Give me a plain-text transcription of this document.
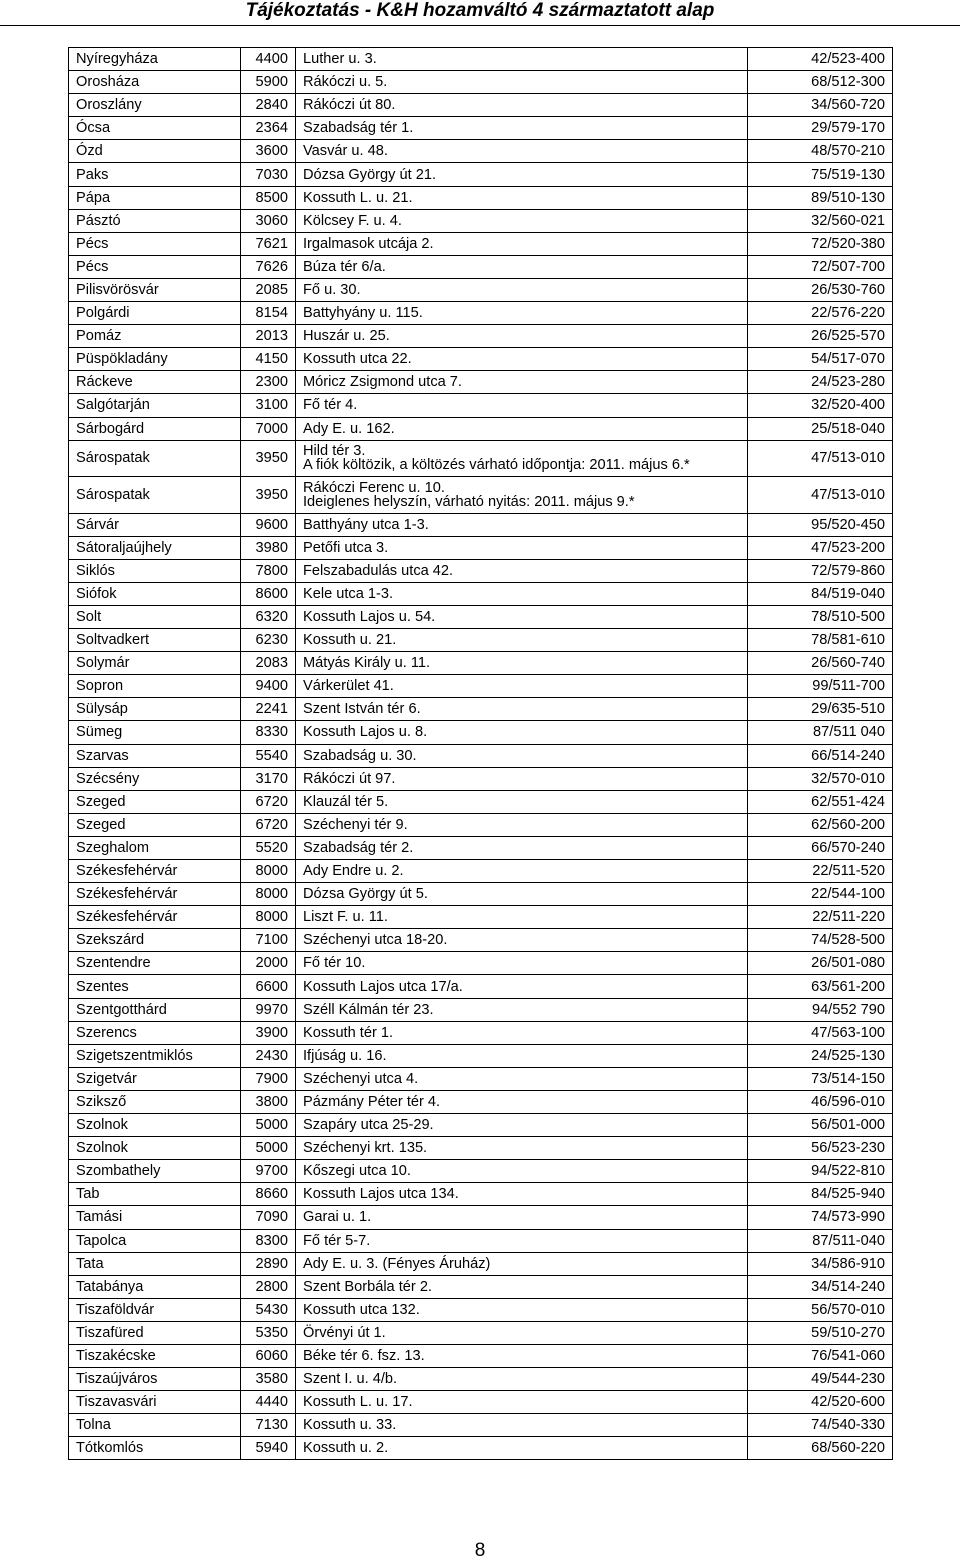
Tájékoztatás - K&H hozamváltó 4 származtatott alap
Nyíregyháza	4400	Luther u. 3.	42/523-400
Orosháza	5900	Rákóczi u. 5.	68/512-300
Oroszlány	2840	Rákóczi út 80.	34/560-720
Ócsa	2364	Szabadság tér 1.	29/579-170
Ózd	3600	Vasvár u. 48.	48/570-210
Paks	7030	Dózsa György út 21.	75/519-130
Pápa	8500	Kossuth L. u. 21.	89/510-130
Pásztó	3060	Kölcsey F. u. 4.	32/560-021
Pécs	7621	Irgalmasok utcája 2.	72/520-380
Pécs	7626	Búza tér 6/a.	72/507-700
Pilisvörösvár	2085	Fő u. 30.	26/530-760
Polgárdi	8154	Battyhyány u. 115.	22/576-220
Pomáz	2013	Huszár u. 25.	26/525-570
Püspökladány	4150	Kossuth utca 22.	54/517-070
Ráckeve	2300	Móricz Zsigmond utca 7.	24/523-280
Salgótarján	3100	Fő tér 4.	32/520-400
Sárbogárd	7000	Ady E. u. 162.	25/518-040
Sárospatak	3950	Hild tér 3.
A fiók költözik, a költözés várható időpontja: 2011. május 6.*	47/513-010
Sárospatak	3950	Rákóczi Ferenc u. 10.
Ideiglenes helyszín, várható nyitás: 2011. május 9.*	47/513-010
Sárvár	9600	Batthyány utca 1-3.	95/520-450
Sátoraljaújhely	3980	Petőfi utca 3.	47/523-200
Siklós	7800	Felszabadulás utca 42.	72/579-860
Siófok	8600	Kele utca 1-3.	84/519-040
Solt	6320	Kossuth Lajos u. 54.	78/510-500
Soltvadkert	6230	Kossuth u. 21.	78/581-610
Solymár	2083	Mátyás Király u. 11.	26/560-740
Sopron	9400	Várkerület 41.	99/511-700
Sülysáp	2241	Szent István tér 6.	29/635-510
Sümeg	8330	Kossuth Lajos u. 8.	87/511 040
Szarvas	5540	Szabadság u. 30.	66/514-240
Szécsény	3170	Rákóczi út 97.	32/570-010
Szeged	6720	Klauzál tér 5.	62/551-424
Szeged	6720	Széchenyi tér 9.	62/560-200
Szeghalom	5520	Szabadság tér 2.	66/570-240
Székesfehérvár	8000	Ady Endre u. 2.	22/511-520
Székesfehérvár	8000	Dózsa György út 5.	22/544-100
Székesfehérvár	8000	Liszt F. u. 11.	22/511-220
Szekszárd	7100	Széchenyi utca 18-20.	74/528-500
Szentendre	2000	Fő tér 10.	26/501-080
Szentes	6600	Kossuth Lajos utca 17/a.	63/561-200
Szentgotthárd	9970	Széll Kálmán tér 23.	94/552 790
Szerencs	3900	Kossuth tér 1.	47/563-100
Szigetszentmiklós	2430	Ifjúság u. 16.	24/525-130
Szigetvár	7900	Széchenyi utca 4.	73/514-150
Sziksző	3800	Pázmány Péter tér 4.	46/596-010
Szolnok	5000	Szapáry utca 25-29.	56/501-000
Szolnok	5000	Széchenyi krt. 135.	56/523-230
Szombathely	9700	Kőszegi utca 10.	94/522-810
Tab	8660	Kossuth Lajos utca 134.	84/525-940
Tamási	7090	Garai u. 1.	74/573-990
Tapolca	8300	Fő tér 5-7.	87/511-040
Tata	2890	Ady E. u. 3. (Fényes Áruház)	34/586-910
Tatabánya	2800	Szent Borbála tér 2.	34/514-240
Tiszaföldvár	5430	Kossuth utca 132.	56/570-010
Tiszafüred	5350	Örvényi út 1.	59/510-270
Tiszakécske	6060	Béke tér 6. fsz. 13.	76/541-060
Tiszaújváros	3580	Szent I. u. 4/b.	49/544-230
Tiszavasvári	4440	Kossuth L. u. 17.	42/520-600
Tolna	7130	Kossuth u. 33.	74/540-330
Tótkomlós	5940	Kossuth u. 2.	68/560-220
8
